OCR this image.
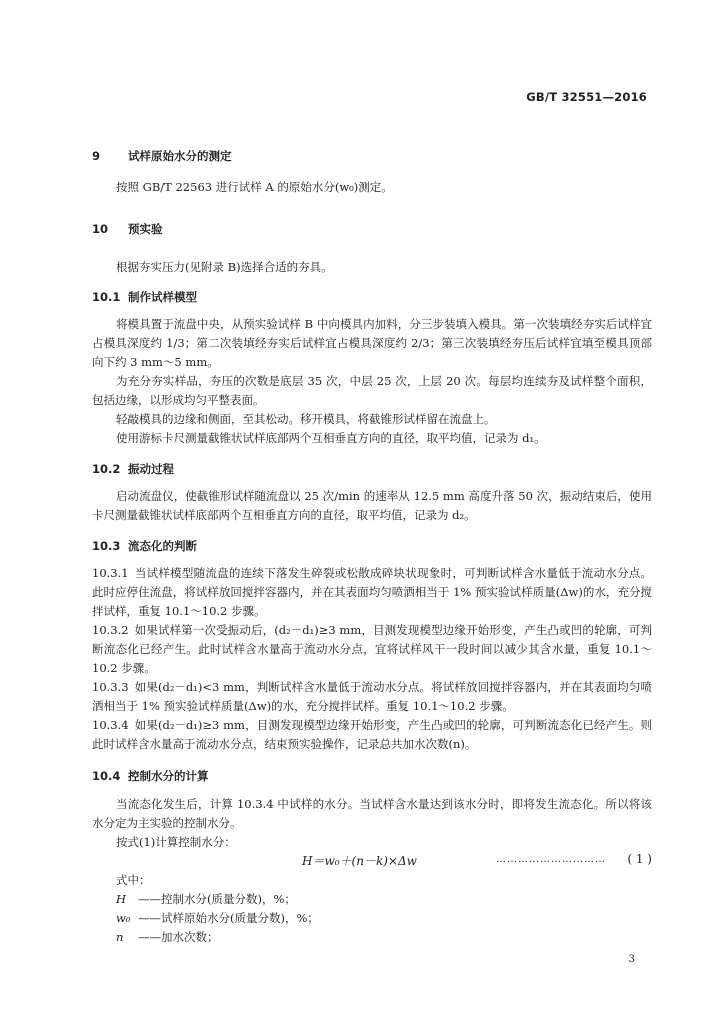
GB/T 32551—2016
9 试样原始水分的测定
按照 GB/T 22563 进行试样 A 的原始水分(w₀)测定。
10 预实验
根据夯实压力(见附录 B)选择合适的夯具。
10.1 制作试样模型
将模具置于流盘中央，从预实验试样 B 中向模具内加料，分三步装填入模具。第一次装填经夯实后试样宜占模具深度约 1/3；第二次装填经夯实后试样宜占模具深度约 2/3；第三次装填经夯压后试样宜填至模具顶部向下约 3 mm～5 mm。
为充分夯实样品，夯压的次数是底层 35 次，中层 25 次，上层 20 次。每层均连续夯及试样整个面积，包括边缘，以形成均匀平整表面。
轻敲模具的边缘和侧面，至其松动。移开模具，将截锥形试样留在流盘上。
使用游标卡尺测量截锥状试样底部两个互相垂直方向的直径，取平均值，记录为 d₁。
10.2 振动过程
启动流盘仪，使截锥形试样随流盘以 25 次/min 的速率从 12.5 mm 高度升落 50 次，振动结束后，使用卡尺测量截锥状试样底部两个互相垂直方向的直径，取平均值，记录为 d₂。
10.3 流态化的判断
10.3.1 当试样模型随流盘的连续下落发生碎裂或松散成碎块状现象时，可判断试样含水量低于流动水分点。此时应停住流盘，将试样放回搅拌容器内，并在其表面均匀喷洒相当于 1% 预实验试样质量(Δw)的水，充分搅拌试样，重复 10.1～10.2 步骤。
10.3.2 如果试样第一次受振动后，(d₂－d₁)≥3 mm，目测发现模型边缘开始形变，产生凸或凹的轮廓，可判断流态化已经产生。此时试样含水量高于流动水分点，宜将试样风干一段时间以减少其含水量，重复 10.1～10.2 步骤。
10.3.3 如果(d₂－d₁)<3 mm，判断试样含水量低于流动水分点。将试样放回搅拌容器内，并在其表面均匀喷洒相当于 1% 预实验试样质量(Δw)的水，充分搅拌试样。重复 10.1～10.2 步骤。
10.3.4 如果(d₂－d₁)≥3 mm，目测发现模型边缘开始形变，产生凸或凹的轮廓，可判断流态化已经产生。则此时试样含水量高于流动水分点，结束预实验操作，记录总共加水次数(n)。
10.4 控制水分的计算
当流态化发生后，计算 10.3.4 中试样的水分。当试样含水量达到该水分时，即将发生流态化。所以将该水分定为主实验的控制水分。
按式(1)计算控制水分：
H＝w₀＋(n－k)×Δw	………………………… ( 1 )
式中：
H ——控制水分(质量分数)，%；
w₀ ——试样原始水分(质量分数)，%；
n ——加水次数；
3
